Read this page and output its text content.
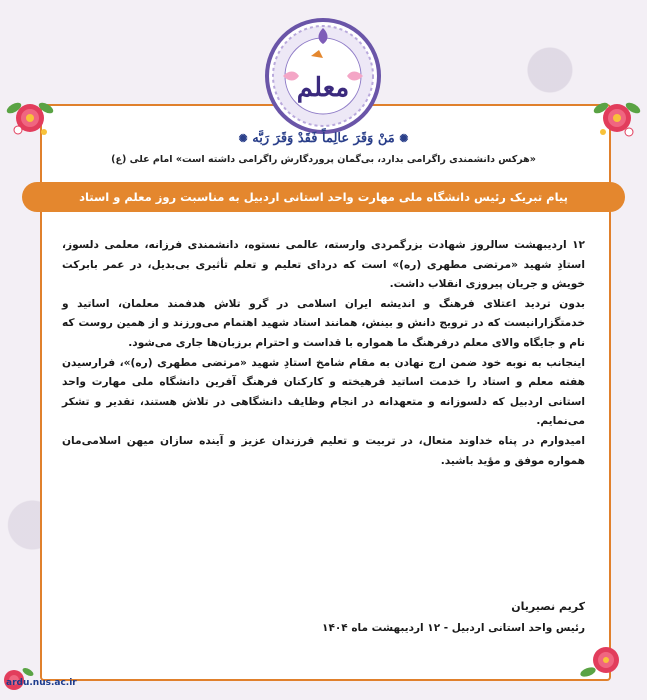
معلم
✺ مَنْ وَقَرَ عالِماً فَقَدْ وَقَرَ رَبَّه ✺
«هرکس دانشمندی راگرامی بدارد، بی‌گمان پروردگارش راگرامی داشته است» امام علی (ع)
پیام تبریک رئیس دانشگاه ملی مهارت واحد استانی اردبیل به مناسبت روز معلم و استاد

۱۲ اردیبهشت سالروز شهادت بزرگمردی وارسته، عالمی نستوه، دانشمندی فرزانه، معلمی دلسوز، استادِ شهید «مرتضی مطهری (ره)» است که دردای تعلیم و تعلم تأثیری بی‌بدیل، در عمر بابرکت خویش و جریان پیروزی انقلاب داشت.

بدون تردید اعتلای فرهنگ و اندیشه ایران اسلامی در گرو تلاش هدفمند معلمان، اساتید و خدمتگزارانیست که در ترویج دانش و بینش، همانند استاد شهید اهتمام می‌ورزند و از همین روست که نام و جایگاه والای معلم درفرهنگ ما همواره با قداست و احترام برزبان‌ها جاری می‌شود.

اینجانب به نوبه خود ضمن ارج نهادن به مقام شامخ استادِ شهید «مرتضی مطهری (ره)»، فرارسیدن هفته معلم و استاد را خدمت اساتید فرهیخته و کارکنان فرهنگ آفرین دانشگاه ملی مهارت واحد استانی اردبیل که دلسوزانه و متعهدانه در انجام وظایف دانشگاهی در تلاش هستند، تقدیر و تشکر می‌نمایم.

امیدوارم در پناه خداوند متعال، در تربیت و تعلیم فرزندان عزیز و آینده سازان میهن اسلامی‌مان همواره موفق و مؤید باشید.

کریم نصیریان
رئیس واحد استانی اردبیل - ۱۲ اردیبهشت ماه ۱۴۰۴
ardu.nus.ac.ir
